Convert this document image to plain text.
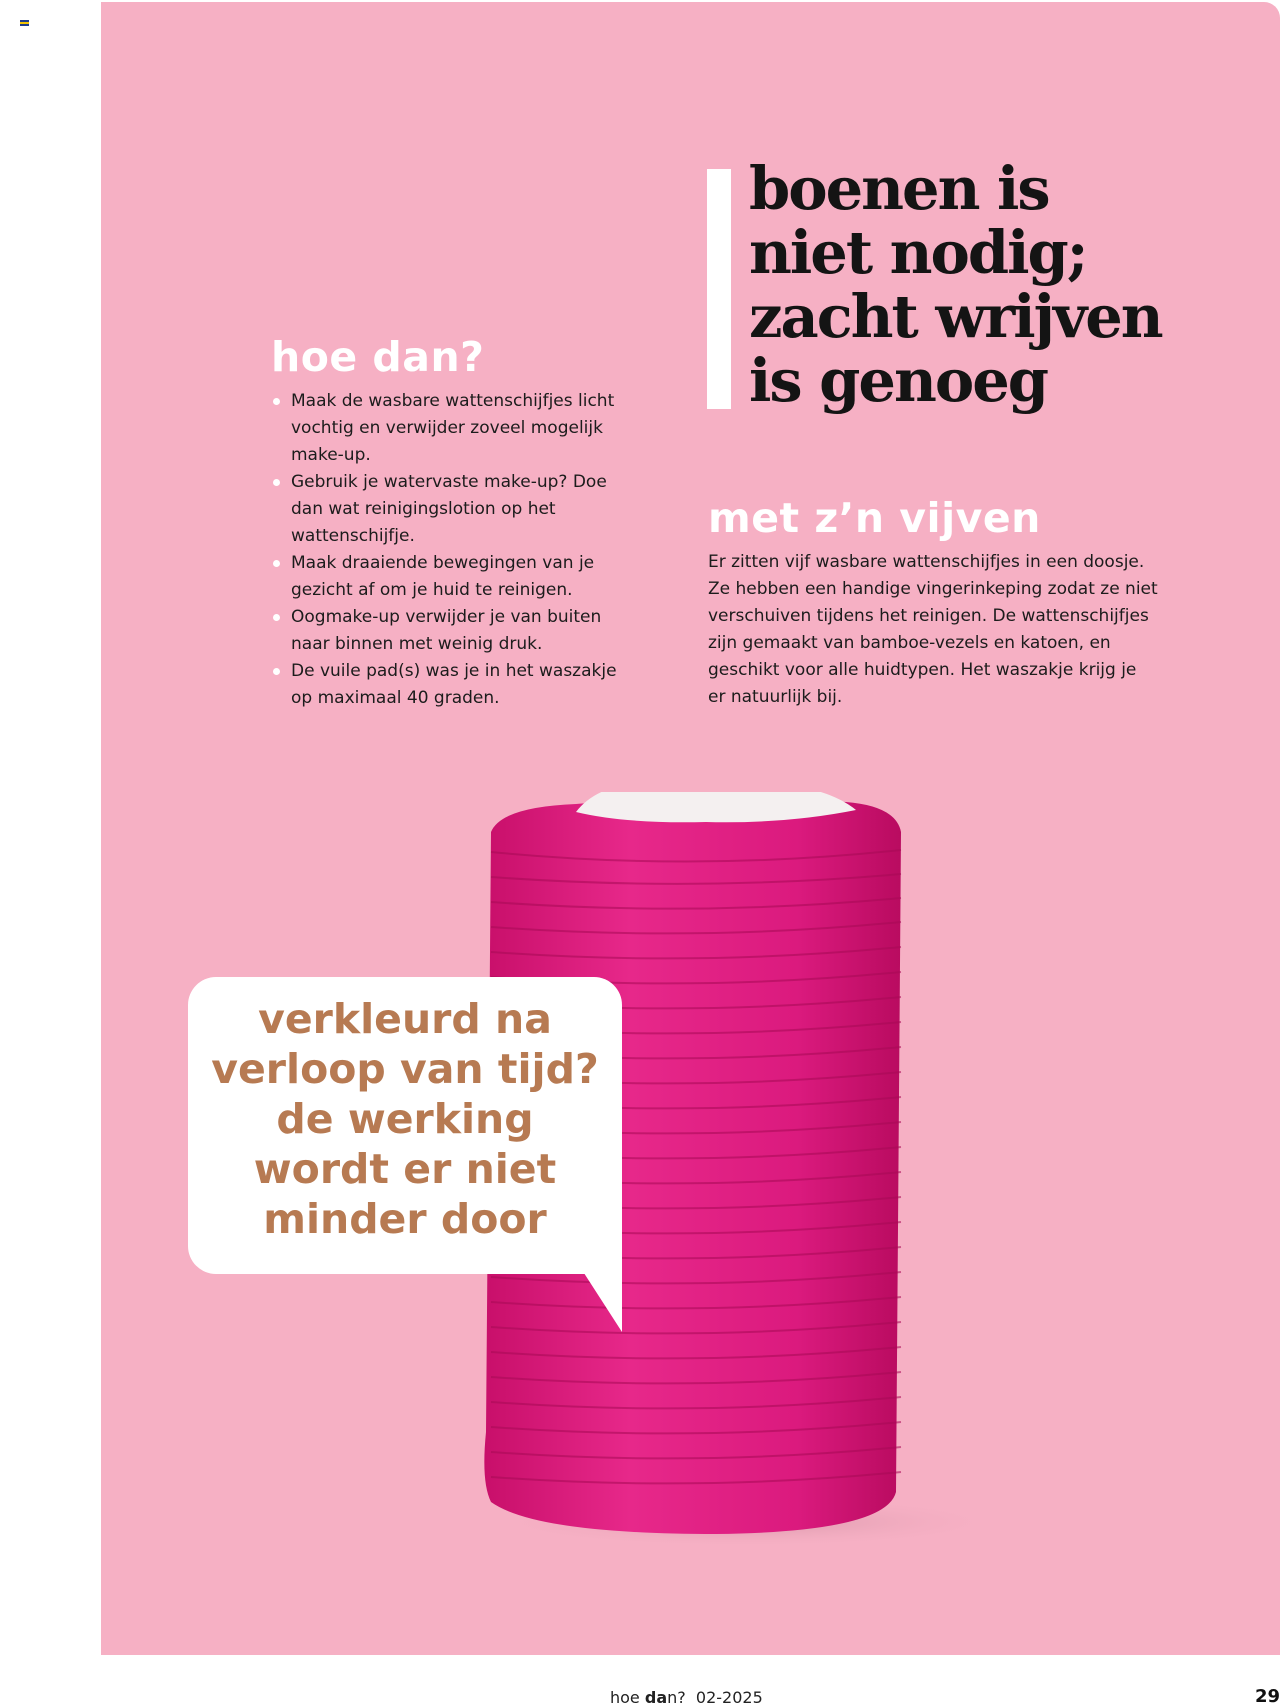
boenen is
niet nodig;
zacht wrijven
is genoeg
hoe dan?
Maak de wasbare wattenschijfjes licht vochtig en verwijder zoveel mogelijk make-up.
Gebruik je watervaste make-up? Doe dan wat reinigingslotion op het wattenschijfje.
Maak draaiende bewegingen van je gezicht af om je huid te reinigen.
Oogmake-up verwijder je van buiten naar binnen met weinig druk.
De vuile pad(s) was je in het waszakje op maximaal 40 graden.
met z’n vijven

Er zitten vijf wasbare wattenschijfjes in een doosje. Ze hebben een handige vingerinkeping zodat ze niet verschuiven tijdens het reinigen. De wattenschijfjes zijn gemaakt van bamboe-vezels en katoen, en geschikt voor alle huidtypen. Het waszakje krijg je er natuurlijk bij.

verkleurd na
verloop van tijd?
de werking
wordt er niet
minder door

hoe dan? 02-2025	29
